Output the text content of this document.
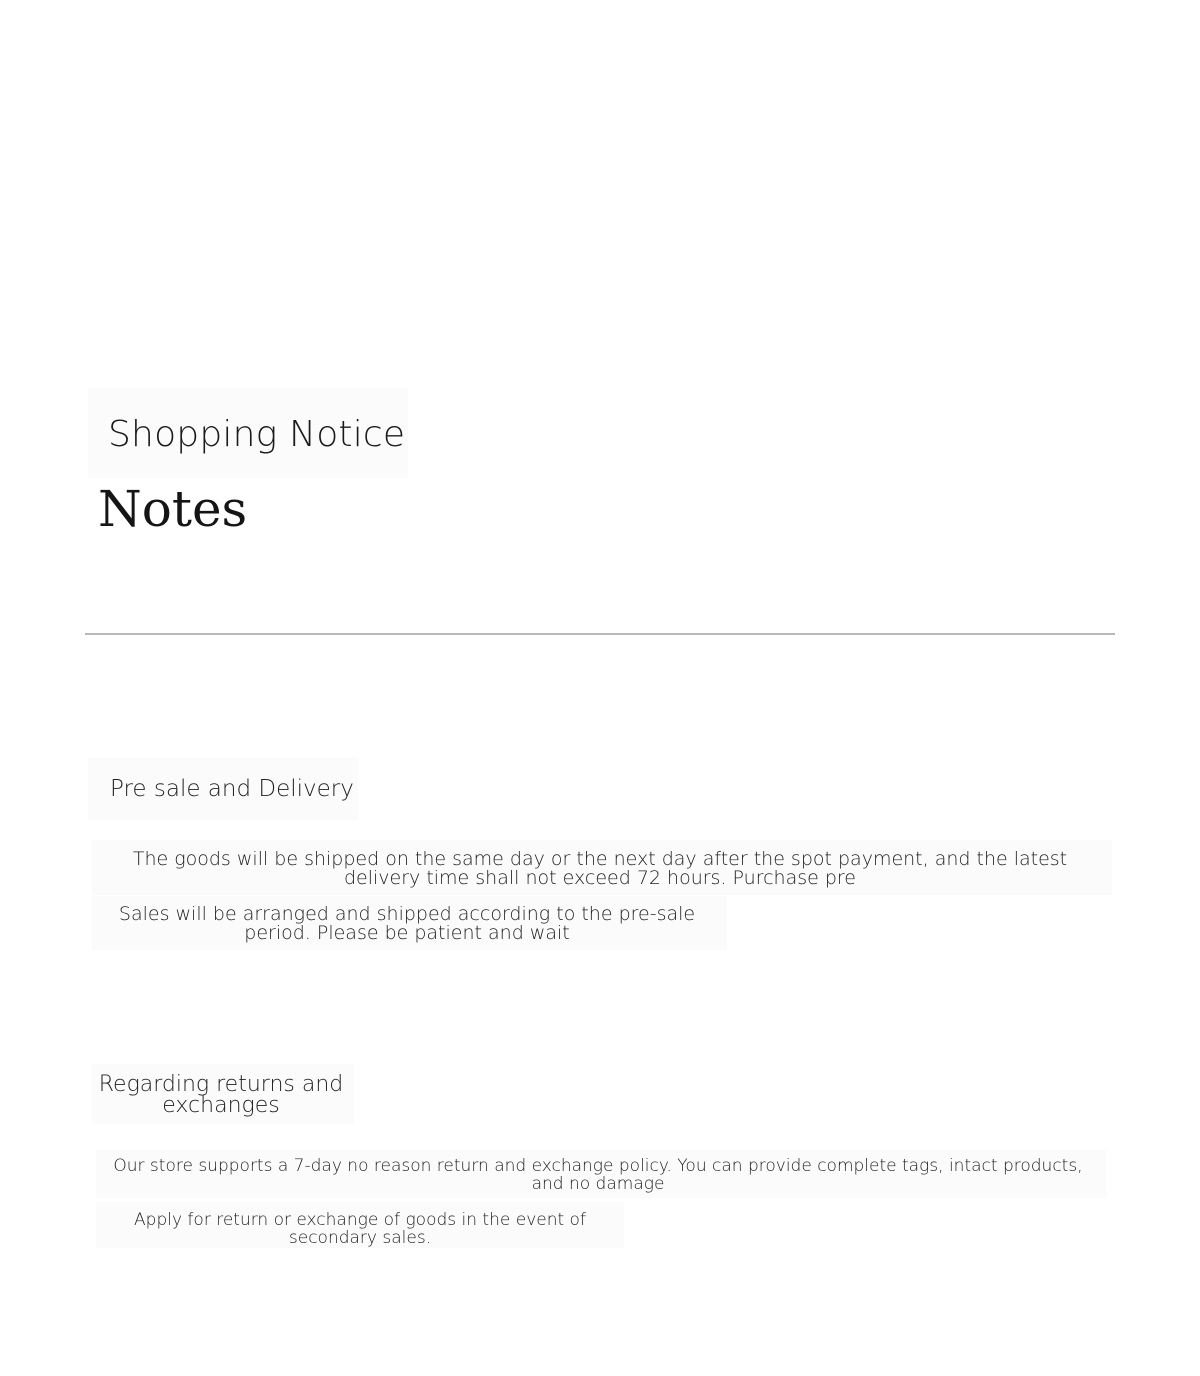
Shopping Notice
Notes
Pre sale and Delivery
The goods will be shipped on the same day or the next day after the spot payment, and the latest delivery time shall not exceed 72 hours. Purchase pre
Sales will be arranged and shipped according to the pre-sale period. Please be patient and wait
Regarding returns and exchanges
Our store supports a 7-day no reason return and exchange policy. You can provide complete tags, intact products, and no damage
Apply for return or exchange of goods in the event of secondary sales.
